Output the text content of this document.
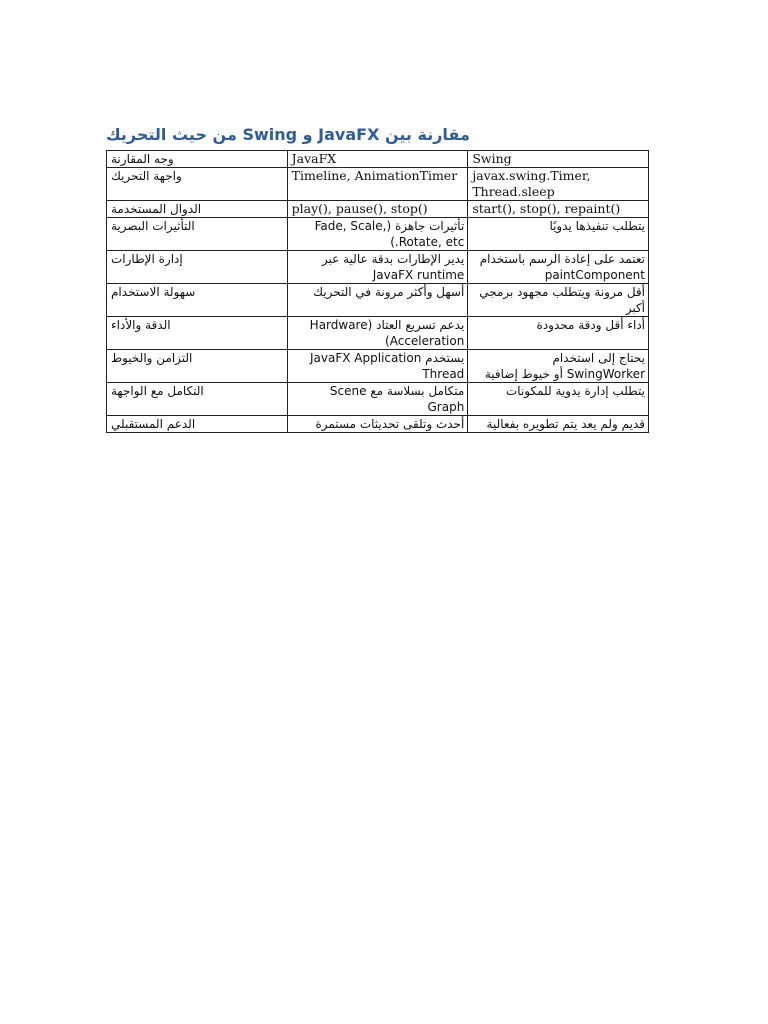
مقارنة بين JavaFX و Swing من حيث التحريك
وجه المقارنة	JavaFX	Swing
واجهة التحريك	Timeline, AnimationTimer	javax.swing.Timer, Thread.sleep
الدوال المستخدمة	play(), pause(), stop()	start(), stop(), repaint()
التأثيرات البصرية	تأثيرات جاهزة (Fade, Scale, Rotate, etc.)	يتطلب تنفيذها يدويًا
إدارة الإطارات	يدير الإطارات بدقة عالية عبر JavaFX runtime	تعتمد على إعادة الرسم باستخدام paintComponent
سهولة الاستخدام	أسهل وأكثر مرونة في التحريك	أقل مرونة ويتطلب مجهود برمجي أكبر
الدقة والأداء	يدعم تسريع العتاد (Hardware Acceleration)	أداء أقل ودقة محدودة
التزامن والخيوط	يستخدم JavaFX Application Thread	يحتاج إلى استخدام SwingWorker أو خيوط إضافية
التكامل مع الواجهة	متكامل بسلاسة مع Scene Graph	يتطلب إدارة يدوية للمكونات
الدعم المستقبلي	أحدث وتلقى تحديثات مستمرة	قديم ولم يعد يتم تطويره بفعالية
